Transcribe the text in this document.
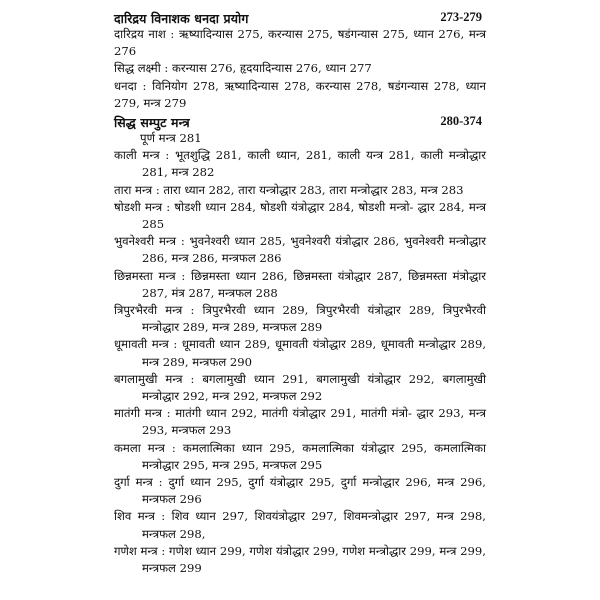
दारिद्रय विनाशक धनदा प्रयोग	273-279

दारिद्रय नाश : ऋष्यादिन्यास 275, करन्यास 275, षडंगन्यास 275, ध्यान 276, मन्त्र 276

सिद्ध लक्ष्मी : करन्यास 276, हृदयादिन्यास 276, ध्यान 277

धनदा : विनियोग 278, ऋष्यादिन्यास 278, करन्यास 278, षडंगन्यास 278, ध्यान 279, मन्त्र 279

सिद्ध सम्पुट मन्त्र	280-374

पूर्ण मन्त्र 281

काली मन्त्र : भूतशुद्धि 281, काली ध्यान, 281, काली यन्त्र 281, काली मन्त्रोद्धार 281, मन्त्र 282

तारा मन्त्र : तारा ध्यान 282, तारा यन्त्रोद्धार 283, तारा मन्त्रोद्धार 283, मन्त्र 283

षोडशी मन्त्र : षोडशी ध्यान 284, षोडशी यंत्रोद्धार 284, षोडशी मन्त्रो- द्धार 284, मन्त्र 285

भुवनेश्वरी मन्त्र : भुवनेश्वरी ध्यान 285, भुवनेश्वरी यंत्रोद्धार 286, भुवनेश्वरी मन्त्रोद्धार 286, मन्त्र 286, मन्त्रफल 286

छिन्नमस्ता मन्त्र : छिन्नमस्ता ध्यान 286, छिन्नमस्ता यंत्रोद्धार 287, छिन्नमस्ता मंत्रोद्धार 287, मंत्र 287, मन्त्रफल 288

त्रिपुरभैरवी मन्त्र : त्रिपुरभैरवी ध्यान 289, त्रिपुरभैरवी यंत्रोद्धार 289, त्रिपुरभैरवी मन्त्रोद्धार 289, मन्त्र 289, मन्त्रफल 289

धूमावती मन्त्र : धूमावती ध्यान 289, धूमावती यंत्रोद्धार 289, धूमावती मन्त्रोद्धार 289, मन्त्र 289, मन्त्रफल 290

बगलामुखी मन्त्र : बगलामुखी ध्यान 291, बगलामुखी यंत्रोद्धार 292, बगलामुखी मन्त्रोद्धार 292, मन्त्र 292, मन्त्रफल 292

मातंगी मन्त्र : मातंगी ध्यान 292, मातंगी यंत्रोद्धार 291, मातंगी मंत्रो- द्धार 293, मन्त्र 293, मन्त्रफल 293

कमला मन्त्र : कमलात्मिका ध्यान 295, कमलात्मिका यंत्रोद्धार 295, कमलात्मिका मन्त्रोद्धार 295, मन्त्र 295, मन्त्रफल 295

दुर्गा मन्त्र : दुर्गा ध्यान 295, दुर्गा यंत्रोद्धार 295, दुर्गा मन्त्रोद्धार 296, मन्त्र 296, मन्त्रफल 296

शिव मन्त्र : शिव ध्यान 297, शिवयंत्रोद्धार 297, शिवमन्त्रोद्धार 297, मन्त्र 298, मन्त्रफल 298,

गणेश मन्त्र : गणेश ध्यान 299, गणेश यंत्रोद्धार 299, गणेश मन्त्रोद्धार 299, मन्त्र 299, मन्त्रफल 299
